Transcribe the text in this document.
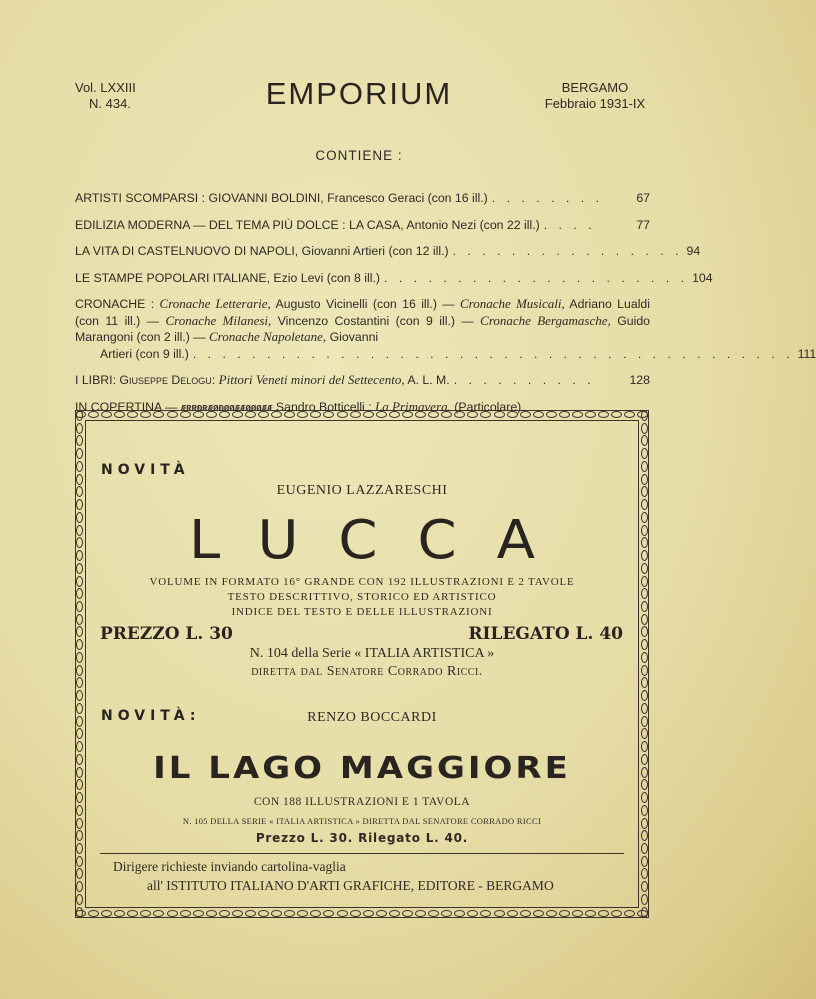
Vol. LXXIII
N. 434.	EMPORIUM	BERGAMO
Febbraio 1931-IX
CONTIENE :
ARTISTI SCOMPARSI : GIOVANNI BOLDINI, Francesco Geraci (con 16 ill.) . . . . . . . .	67
EDILIZIA MODERNA — DEL TEMA PIÙ DOLCE : LA CASA, Antonio Nezi (con 22 ill.) . . . .	77
LA VITA DI CASTELNUOVO DI NAPOLI, Giovanni Artieri (con 12 ill.) . . . . . . . . . . . . . . . . 94
LE STAMPE POPOLARI ITALIANE, Ezio Levi (con 8 ill.) . . . . . . . . . . . . . . . . . . . . . 104
CRONACHE : Cronache Letterarie, Augusto Vicinelli (con 16 ill.) — Cronache Musicali, Adriano Lualdi (con 11 ill.) — Cronache Milanesi, Vincenzo Costantini (con 9 ill.) — Cronache Bergamasche, Guido Marangoni (con 2 ill.) — Cronache Napoletane, Giovanni
Artieri (con 9 ill.) . . . . . . . . . . . . . . . . . . . . . . . . . . . . . . . . . . . . . . . . . 111
I LIBRI: Giuseppe Delogu: Pittori Veneti minori del Settecento, A. L. M. . . . . . . . . . .	128
IN COPERTINA — ÆRRÐRÆØÐØØÆÆØØØÆÆ Sandro Botticelli : La Primavera. (Particolare).
NOVITÀ
EUGENIO LAZZARESCHI
LUCCA
VOLUME IN FORMATO 16° GRANDE CON 192 ILLUSTRAZIONI E 2 TAVOLE
TESTO DESCRITTIVO, STORICO ED ARTISTICO
INDICE DEL TESTO E DELLE ILLUSTRAZIONI
PREZZO L. 30	RILEGATO L. 40
N. 104 della Serie « ITALIA ARTISTICA »
diretta dal Senatore Corrado Ricci.
NOVITÀ:	RENZO BOCCARDI
IL LAGO MAGGIORE
CON 188 ILLUSTRAZIONI E 1 TAVOLA
N. 105 DELLA SERIE « ITALIA ARTISTICA » DIRETTA DAL SENATORE CORRADO RICCI
Prezzo L. 30. Rilegato L. 40.
Dirigere richieste inviando cartolina-vaglia
all' ISTITUTO ITALIANO D'ARTI GRAFICHE, EDITORE - BERGAMO
